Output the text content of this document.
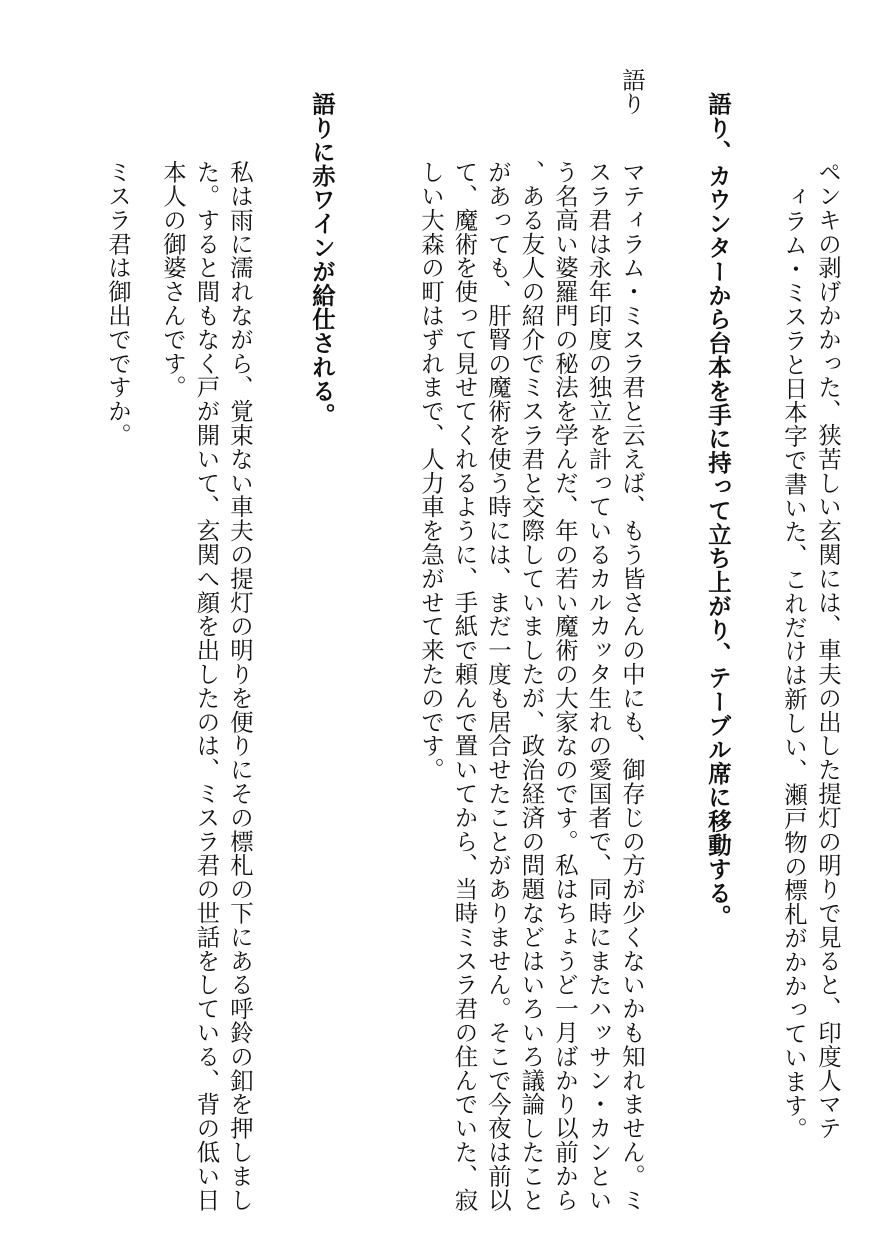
ペンキの剥げかかった、狭苦しい玄関には、車夫の出した提灯の明りで見ると、印度人マテ

ィラム・ミスラと日本字で書いた、これだけは新しい、瀬戸物の標札がかかっています。

語り、カウンターから台本を手に持って立ち上がり、テーブル席に移動する。

語り

マティラム・ミスラ君と云えば、もう皆さんの中にも、御存じの方が少くないかも知れません。ミスラ君は永年印度の独立を計っているカルカッタ生れの愛国者で、同時にまたハッサン・カンという名高い婆羅門の秘法を学んだ、年の若い魔術の大家なのです。私はちょうど一月ばかり以前から、ある友人の紹介でミスラ君と交際していましたが、政治経済の問題などはいろいろ議論したことがあっても、肝腎の魔術を使う時には、まだ一度も居合せたことがありません。そこで今夜は前以て、魔術を使って見せてくれるように、手紙で頼んで置いてから、当時ミスラ君の住んでいた、寂しい大森の町はずれまで、人力車を急がせて来たのです。

語りに赤ワインが給仕される。

私は雨に濡れながら、覚束ない車夫の提灯の明りを便りにその標札の下にある呼鈴の釦を押しました。すると間もなく戸が開いて、玄関へ顔を出したのは、ミスラ君の世話をしている、背の低い日本人の御婆さんです。

ミスラ君は御出でですか。
